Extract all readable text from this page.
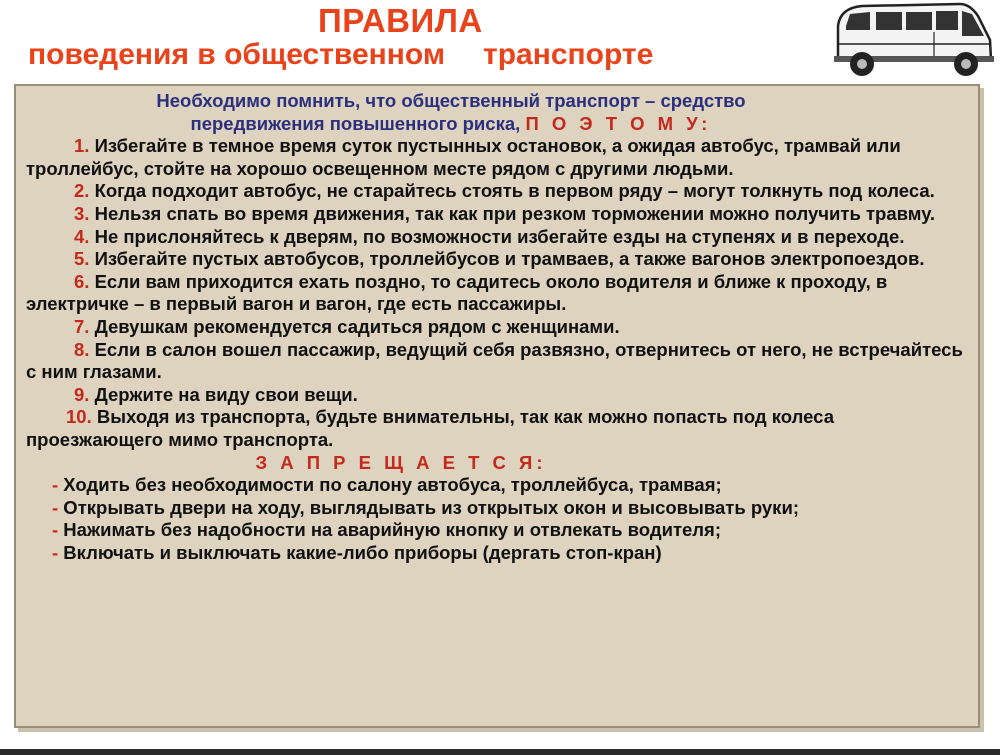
ПРАВИЛА
поведения в общественном транспорте
Необходимо помнить, что общественный транспорт – средство
передвижения повышенного риска, П О Э Т О М У:
1. Избегайте в темное время суток пустынных остановок, а ожидая автобус, трамвай или троллейбус, стойте на хорошо освещенном месте рядом с другими людьми.
2. Когда подходит автобус, не старайтесь стоять в первом ряду – могут толкнуть под колеса.
3. Нельзя спать во время движения, так как при резком торможении можно получить травму.
4. Не прислоняйтесь к дверям, по возможности избегайте езды на ступенях и в переходе.
5. Избегайте пустых автобусов, троллейбусов и трамваев, а также вагонов электропоездов.
6. Если вам приходится ехать поздно, то садитесь около водителя и ближе к проходу, в электричке – в первый вагон и вагон, где есть пассажиры.
7. Девушкам рекомендуется садиться рядом с женщинами.
8. Если в салон вошел пассажир, ведущий себя развязно, отвернитесь от него, не встречайтесь с ним глазами.
9. Держите на виду свои вещи.
10. Выходя из транспорта, будьте внимательны, так как можно попасть под колеса проезжающего мимо транспорта.
З А П Р Е Щ А Е Т С Я:
- Ходить без необходимости по салону автобуса, троллейбуса, трамвая;
- Открывать двери на ходу, выглядывать из открытых окон и высовывать руки;
- Нажимать без надобности на аварийную кнопку и отвлекать водителя;
- Включать и выключать какие-либо приборы (дергать стоп-кран)
